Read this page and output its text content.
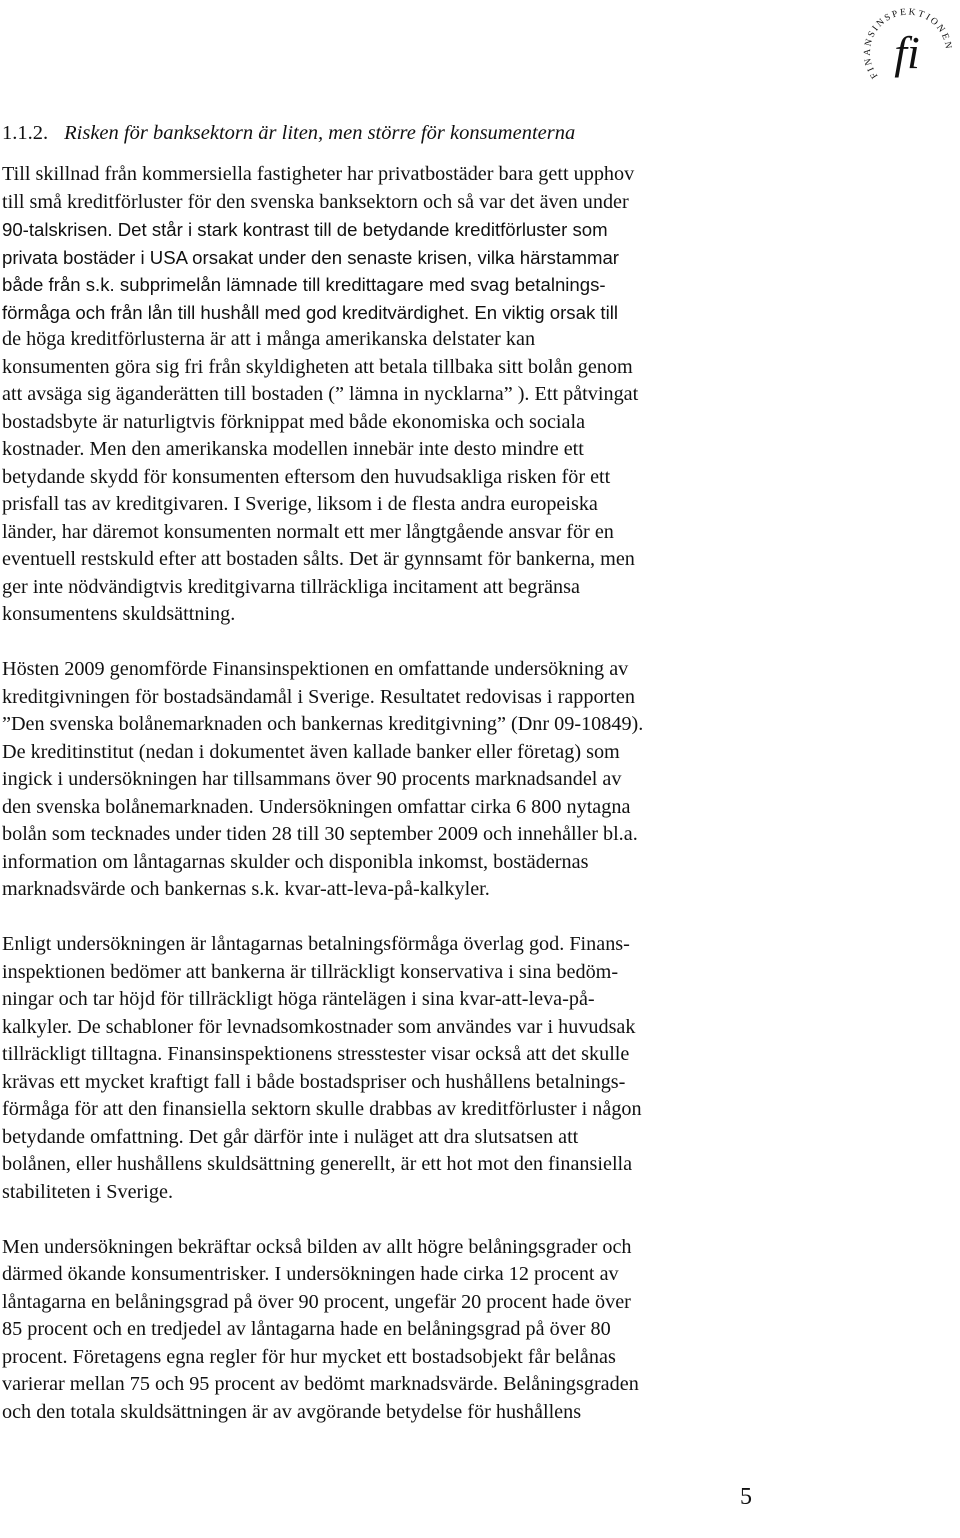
FINANSINSPEKTIONEN
fi
1.1.2. Risken för banksektorn är liten, men större för konsumenterna

Till skillnad från kommersiella fastigheter har privatbostäder bara gett upphov
till små kreditförluster för den svenska banksektorn och så var det även under
90-talskrisen. Det står i stark kontrast till de betydande kreditförluster som
privata bostäder i USA orsakat under den senaste krisen, vilka härstammar
både från s.k. subprimelån lämnade till kredittagare med svag betalnings-
förmåga och från lån till hushåll med god kreditvärdighet. En viktig orsak till
de höga kreditförlusterna är att i många amerikanska delstater kan
konsumenten göra sig fri från skyldigheten att betala tillbaka sitt bolån genom
att avsäga sig äganderätten till bostaden (” lämna in nycklarna” ). Ett påtvingat
bostadsbyte är naturligtvis förknippat med både ekonomiska och sociala
kostnader. Men den amerikanska modellen innebär inte desto mindre ett
betydande skydd för konsumenten eftersom den huvudsakliga risken för ett
prisfall tas av kreditgivaren. I Sverige, liksom i de flesta andra europeiska
länder, har däremot konsumenten normalt ett mer långtgående ansvar för en
eventuell restskuld efter att bostaden sålts. Det är gynnsamt för bankerna, men
ger inte nödvändigtvis kreditgivarna tillräckliga incitament att begränsa
konsumentens skuldsättning.

Hösten 2009 genomförde Finansinspektionen en omfattande undersökning av
kreditgivningen för bostadsändamål i Sverige. Resultatet redovisas i rapporten
”Den svenska bolånemarknaden och bankernas kreditgivning” (Dnr 09-10849).
De kreditinstitut (nedan i dokumentet även kallade banker eller företag) som
ingick i undersökningen har tillsammans över 90 procents marknadsandel av
den svenska bolånemarknaden. Undersökningen omfattar cirka 6 800 nytagna
bolån som tecknades under tiden 28 till 30 september 2009 och innehåller bl.a.
information om låntagarnas skulder och disponibla inkomst, bostädernas
marknadsvärde och bankernas s.k. kvar-att-leva-på-kalkyler.

Enligt undersökningen är låntagarnas betalningsförmåga överlag god. Finans-
inspektionen bedömer att bankerna är tillräckligt konservativa i sina bedöm-
ningar och tar höjd för tillräckligt höga räntelägen i sina kvar-att-leva-på-
kalkyler. De schabloner för levnadsomkostnader som användes var i huvudsak
tillräckligt tilltagna. Finansinspektionens stresstester visar också att det skulle
krävas ett mycket kraftigt fall i både bostadspriser och hushållens betalnings-
förmåga för att den finansiella sektorn skulle drabbas av kreditförluster i någon
betydande omfattning. Det går därför inte i nuläget att dra slutsatsen att
bolånen, eller hushållens skuldsättning generellt, är ett hot mot den finansiella
stabiliteten i Sverige.

Men undersökningen bekräftar också bilden av allt högre belåningsgrader och
därmed ökande konsumentrisker. I undersökningen hade cirka 12 procent av
låntagarna en belåningsgrad på över 90 procent, ungefär 20 procent hade över
85 procent och en tredjedel av låntagarna hade en belåningsgrad på över 80
procent. Företagens egna regler för hur mycket ett bostadsobjekt får belånas
varierar mellan 75 och 95 procent av bedömt marknadsvärde. Belåningsgraden
och den totala skuldsättningen är av avgörande betydelse för hushållens

5
